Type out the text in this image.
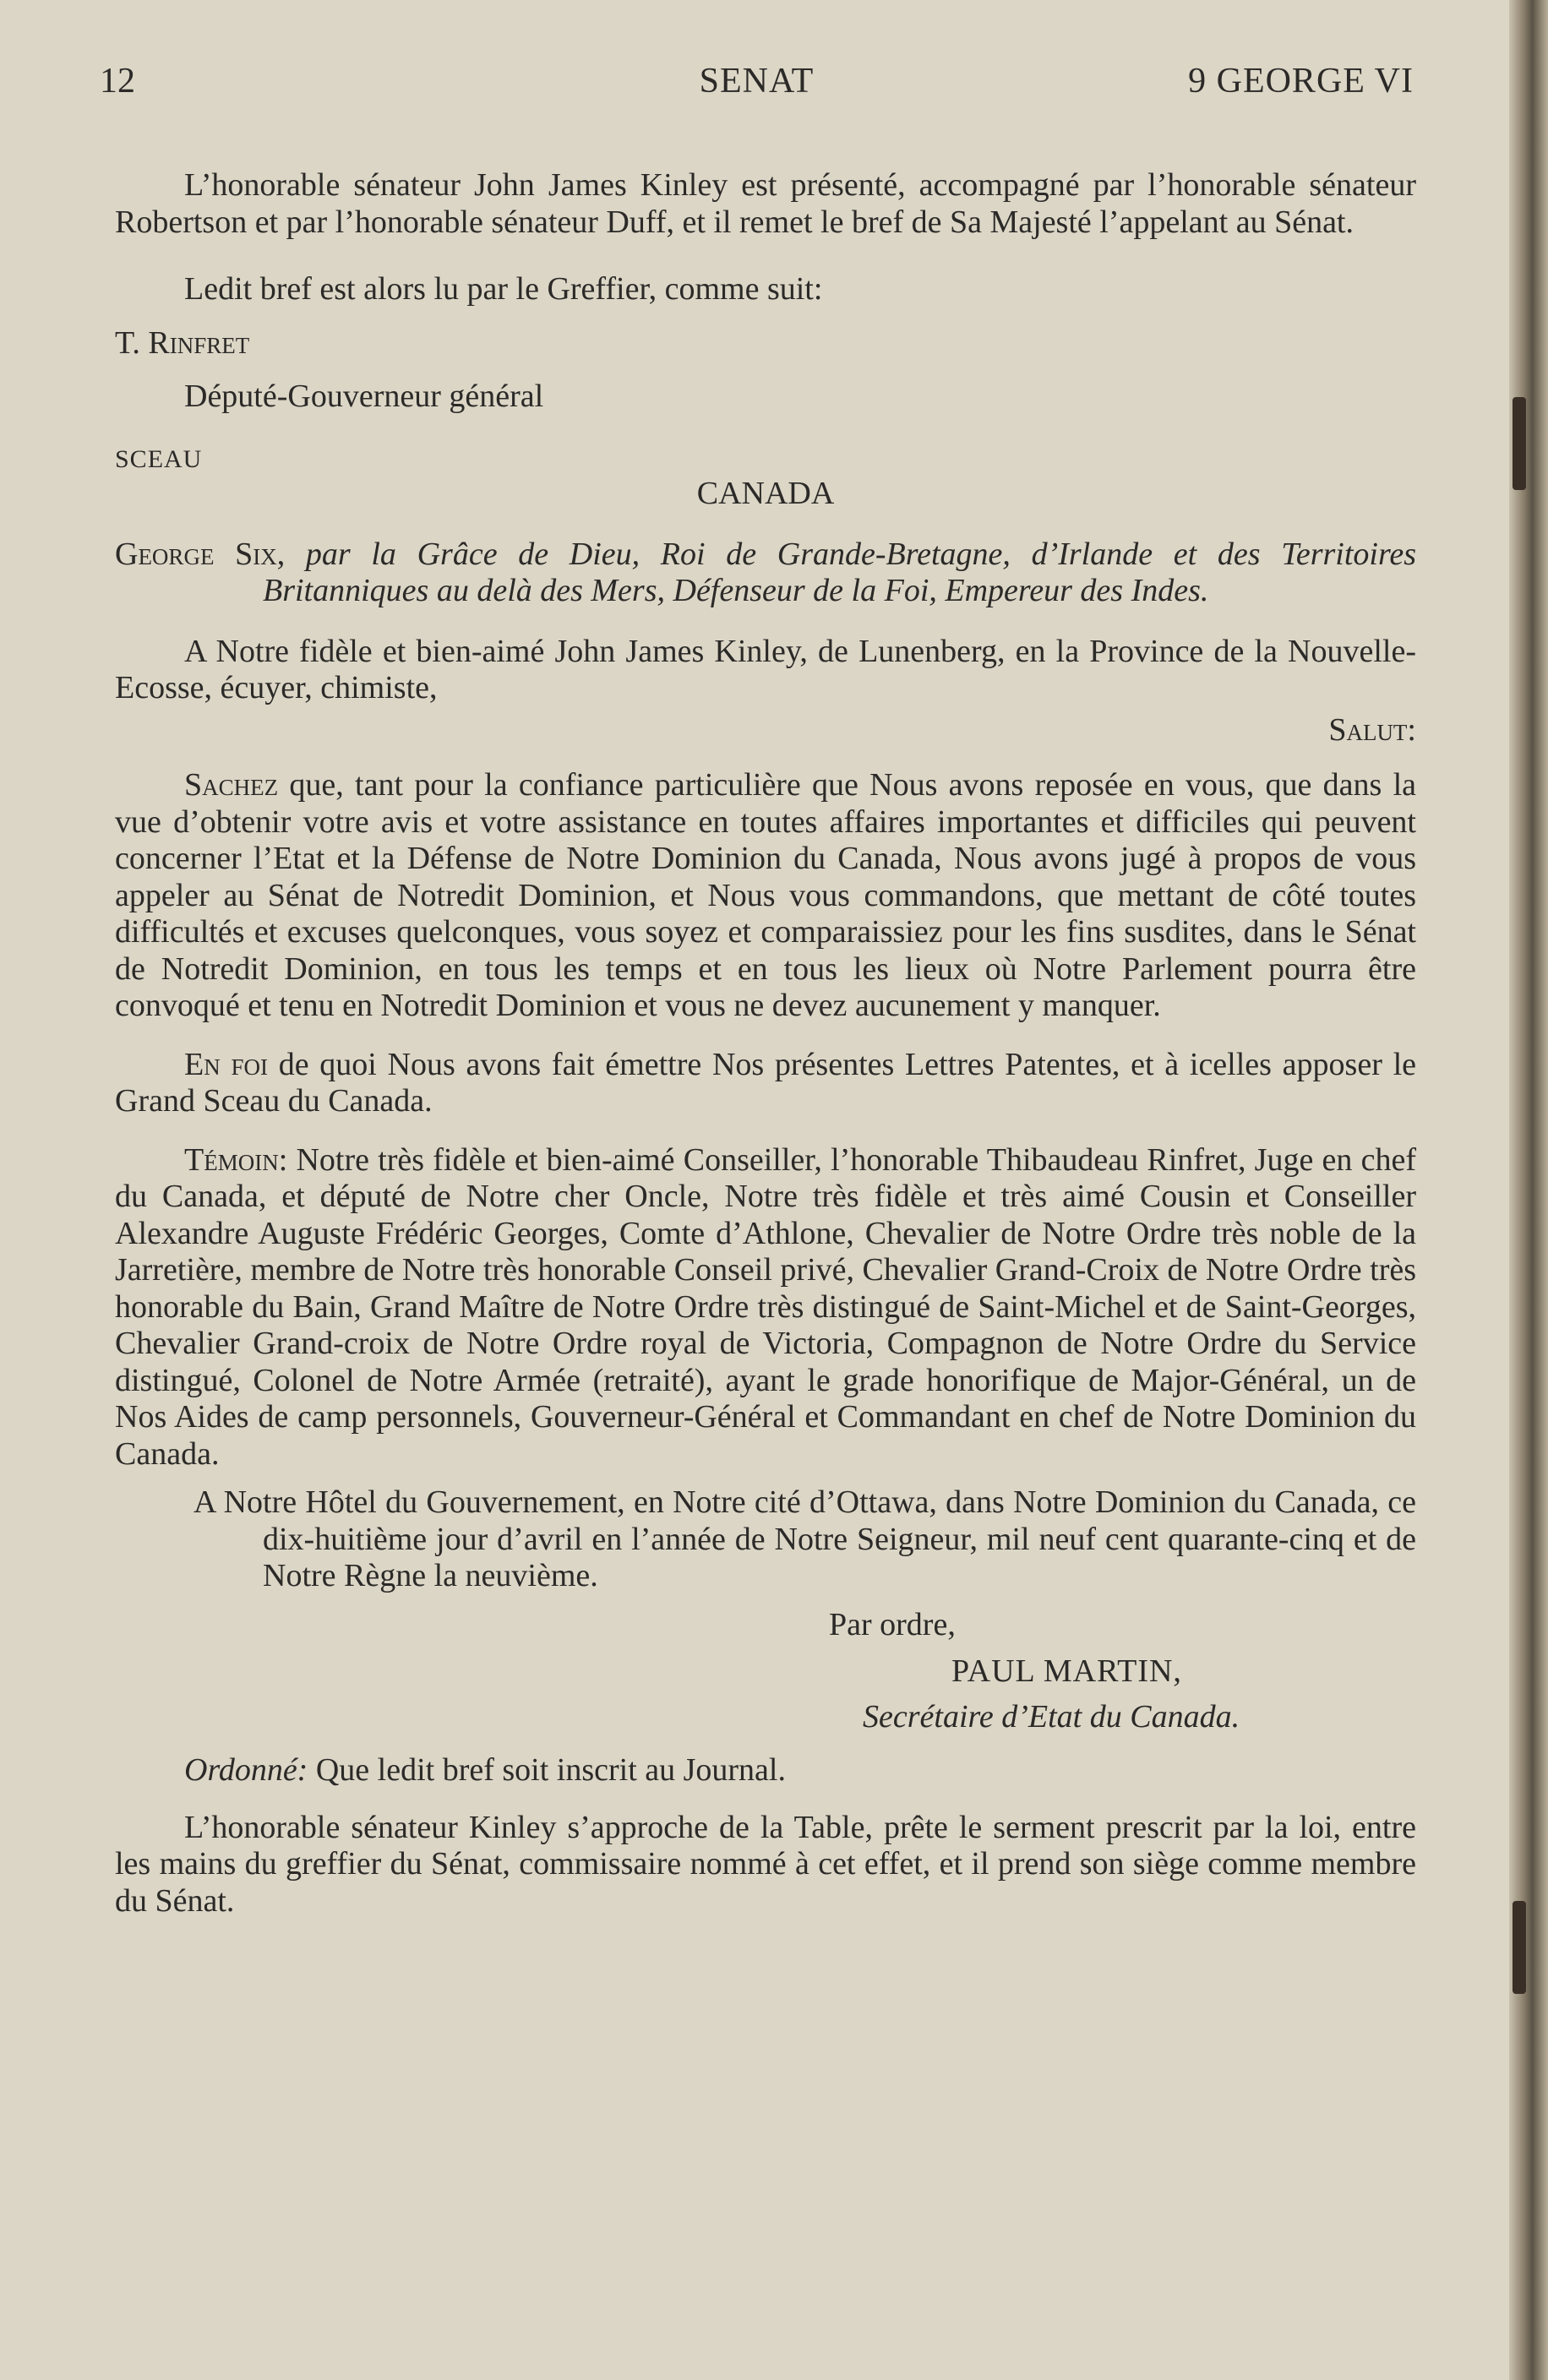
12	SENAT	9 GEORGE VI

L’honorable sénateur John James Kinley est présenté, accompagné par l’honorable sénateur Robertson et par l’honorable sénateur Duff, et il remet le bref de Sa Majesté l’appelant au Sénat.

Ledit bref est alors lu par le Greffier, comme suit:

T. Rinfret

Député-Gouverneur général

SCEAU

CANADA

George Six, par la Grâce de Dieu, Roi de Grande-Bretagne, d’Irlande et des Territoires Britanniques au delà des Mers, Défenseur de la Foi, Empereur des Indes.

A Notre fidèle et bien-aimé John James Kinley, de Lunenberg, en la Province de la Nouvelle-Ecosse, écuyer, chimiste,

Salut:

Sachez que, tant pour la confiance particulière que Nous avons reposée en vous, que dans la vue d’obtenir votre avis et votre assistance en toutes affaires importantes et difficiles qui peuvent concerner l’Etat et la Défense de Notre Dominion du Canada, Nous avons jugé à propos de vous appeler au Sénat de Notredit Dominion, et Nous vous commandons, que mettant de côté toutes difficultés et excuses quelconques, vous soyez et comparaissiez pour les fins susdites, dans le Sénat de Notredit Dominion, en tous les temps et en tous les lieux où Notre Parlement pourra être convoqué et tenu en Notredit Dominion et vous ne devez aucunement y manquer.

En foi de quoi Nous avons fait émettre Nos présentes Lettres Patentes, et à icelles apposer le Grand Sceau du Canada.

Témoin: Notre très fidèle et bien-aimé Conseiller, l’honorable Thibaudeau Rinfret, Juge en chef du Canada, et député de Notre cher Oncle, Notre très fidèle et très aimé Cousin et Conseiller Alexandre Auguste Frédéric Georges, Comte d’Athlone, Chevalier de Notre Ordre très noble de la Jarretière, membre de Notre très honorable Conseil privé, Chevalier Grand-Croix de Notre Ordre très honorable du Bain, Grand Maître de Notre Ordre très distingué de Saint-Michel et de Saint-Georges, Chevalier Grand-croix de Notre Ordre royal de Victoria, Compagnon de Notre Ordre du Service distingué, Colonel de Notre Armée (retraité), ayant le grade honorifique de Major-Général, un de Nos Aides de camp personnels, Gouverneur-Général et Commandant en chef de Notre Dominion du Canada.

A Notre Hôtel du Gouvernement, en Notre cité d’Ottawa, dans Notre Dominion du Canada, ce dix-huitième jour d’avril en l’année de Notre Seigneur, mil neuf cent quarante-cinq et de Notre Règne la neuvième.

Par ordre,

PAUL MARTIN,

Secrétaire d’Etat du Canada.

Ordonné: Que ledit bref soit inscrit au Journal.

L’honorable sénateur Kinley s’approche de la Table, prête le serment prescrit par la loi, entre les mains du greffier du Sénat, commissaire nommé à cet effet, et il prend son siège comme membre du Sénat.
